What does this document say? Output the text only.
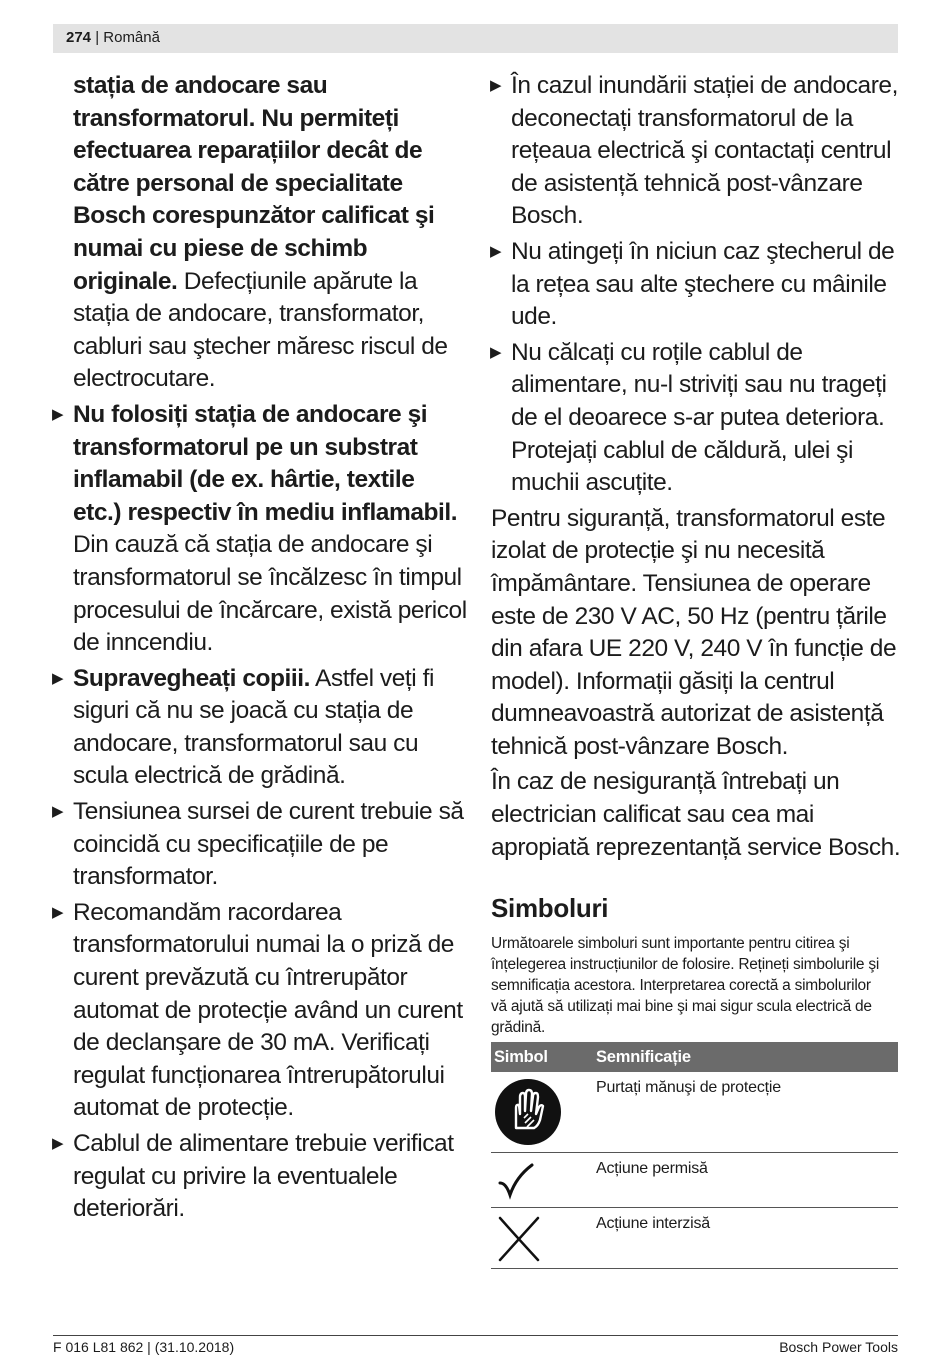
274 | Română

stația de andocare sau transformatorul. Nu permiteți efectuarea reparațiilor decât de către personal de specialitate Bosch corespunzător calificat şi numai cu piese de schimb originale. Defecțiunile apărute la stația de andocare, transformator, cabluri sau ştecher măresc riscul de electrocutare.

▶ Nu folosiți stația de andocare şi transformatorul pe un substrat inflamabil (de ex. hârtie, textile etc.) respectiv în mediu inflamabil. Din cauză că stația de andocare şi transformatorul se încălzesc în timpul procesului de încărcare, există pericol de inncendiu.

▶ Supravegheați copiii. Astfel veți fi siguri că nu se joacă cu stația de andocare, transformatorul sau cu scula electrică de grădină.

▶ Tensiunea sursei de curent trebuie să coincidă cu specificațiile de pe transformator.

▶ Recomandăm racordarea transformatorului numai la o priză de curent prevăzută cu întrerupător automat de protecție având un curent de declanşare de 30 mA. Verificați regulat funcționarea întrerupătorului automat de protecție.

▶ Cablul de alimentare trebuie verificat regulat cu privire la eventualele deteriorări.

▶ În cazul inundării stației de andocare, deconectați transformatorul de la rețeaua electrică şi contactați centrul de asistență tehnică post-vânzare Bosch.

▶ Nu atingeți în niciun caz ştecherul de la rețea sau alte ştechere cu mâinile ude.

▶ Nu călcați cu roțile cablul de alimentare, nu-l striviți sau nu trageți de el deoarece s-ar putea deteriora. Protejați cablul de căldură, ulei şi muchii ascuțite.

Pentru siguranță, transformatorul este izolat de protecție şi nu necesită împământare. Tensiunea de operare este de 230 V AC, 50 Hz (pentru țările din afara UE 220 V, 240 V în funcție de model). Informații găsiți la centrul dumneavoastră autorizat de asistență tehnică post-vânzare Bosch.

În caz de nesiguranță întrebați un electrician calificat sau cea mai apropiată reprezentanță service Bosch.

Simboluri

Următoarele simboluri sunt importante pentru citirea şi înțelegerea instrucțiunilor de folosire. Rețineți simbolurile şi semnificația acestora. Interpretarea corectă a simbolurilor vă ajută să utilizați mai bine şi mai sigur scula electrică de grădină.

Simbol	Semnificație
	Purtați mănuşi de protecție
	Acțiune permisă
	Acțiune interzisă
F 016 L81 862 | (31.10.2018)	Bosch Power Tools
